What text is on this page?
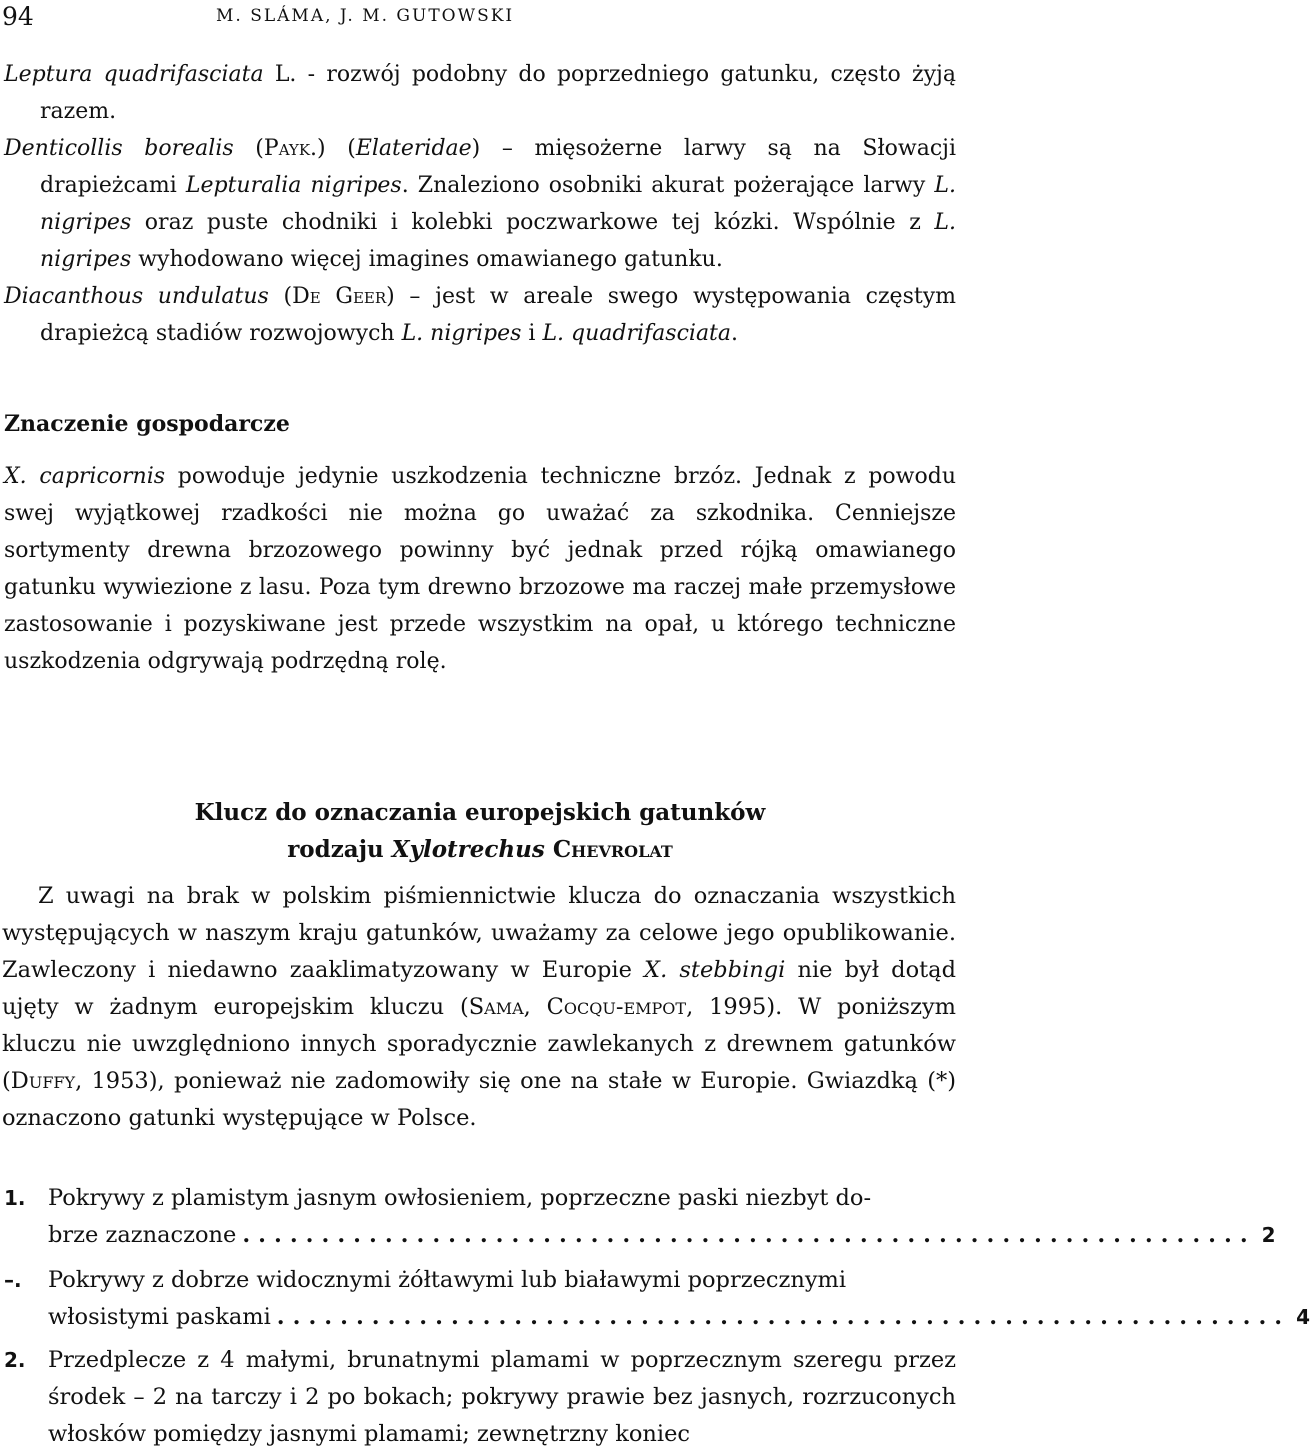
94	M. SLÁMA, J. M. GUTOWSKI

Leptura quadrifasciata L. - rozwój podobny do poprzedniego gatunku, często żyją razem.

Denticollis borealis (Payk.) (Elateridae) – mięsożerne larwy są na Słowacji drapieżcami Lepturalia nigripes. Znaleziono osobniki akurat pożerające larwy L. nigripes oraz puste chodniki i kolebki poczwarkowe tej kózki. Wspólnie z L. nigripes wyhodowano więcej imagines omawianego gatunku.

Diacanthous undulatus (De Geer) – jest w areale swego występowania częstym drapieżcą stadiów rozwojowych L. nigripes i L. quadrifasciata.

Znaczenie gospodarcze

X. capricornis powoduje jedynie uszkodzenia techniczne brzóz. Jednak z powodu swej wyjątkowej rzadkości nie można go uważać za szkodnika. Cenniejsze sortymenty drewna brzozowego powinny być jednak przed rójką omawianego gatunku wywiezione z lasu. Poza tym drewno brzozowe ma raczej małe przemysłowe zastosowanie i pozyskiwane jest przede wszystkim na opał, u którego techniczne uszkodzenia odgrywają podrzędną rolę.

Klucz do oznaczania europejskich gatunków
rodzaju Xylotrechus Chevrolat

Z uwagi na brak w polskim piśmiennictwie klucza do oznaczania wszystkich występujących w naszym kraju gatunków, uważamy za celowe jego opublikowanie. Zawleczony i niedawno zaaklimatyzowany w Europie X. stebbingi nie był dotąd ujęty w żadnym europejskim kluczu (Sama, Cocqu-empot, 1995). W poniższym kluczu nie uwzględniono innych sporadycznie zawlekanych z drewnem gatunków (Duffy, 1953), ponieważ nie zadomowiły się one na stałe w Europie. Gwiazdką (*) oznaczono gatunki występujące w Polsce.

1. Pokrywy z plamistym jasnym owłosieniem, poprzeczne paski niezbyt do-
brze zaznaczone ................................................................ 2
–. Pokrywy z dobrze widocznymi żółtawymi lub białawymi poprzecznymi
włosistymi paskami ................................................................ 4
2. Przedplecze z 4 małymi, brunatnymi plamami w poprzecznym szeregu przez środek – 2 na tarczy i 2 po bokach; pokrywy prawie bez jasnych, rozrzuconych włosków pomiędzy jasnymi plamami; zewnętrzny koniec
